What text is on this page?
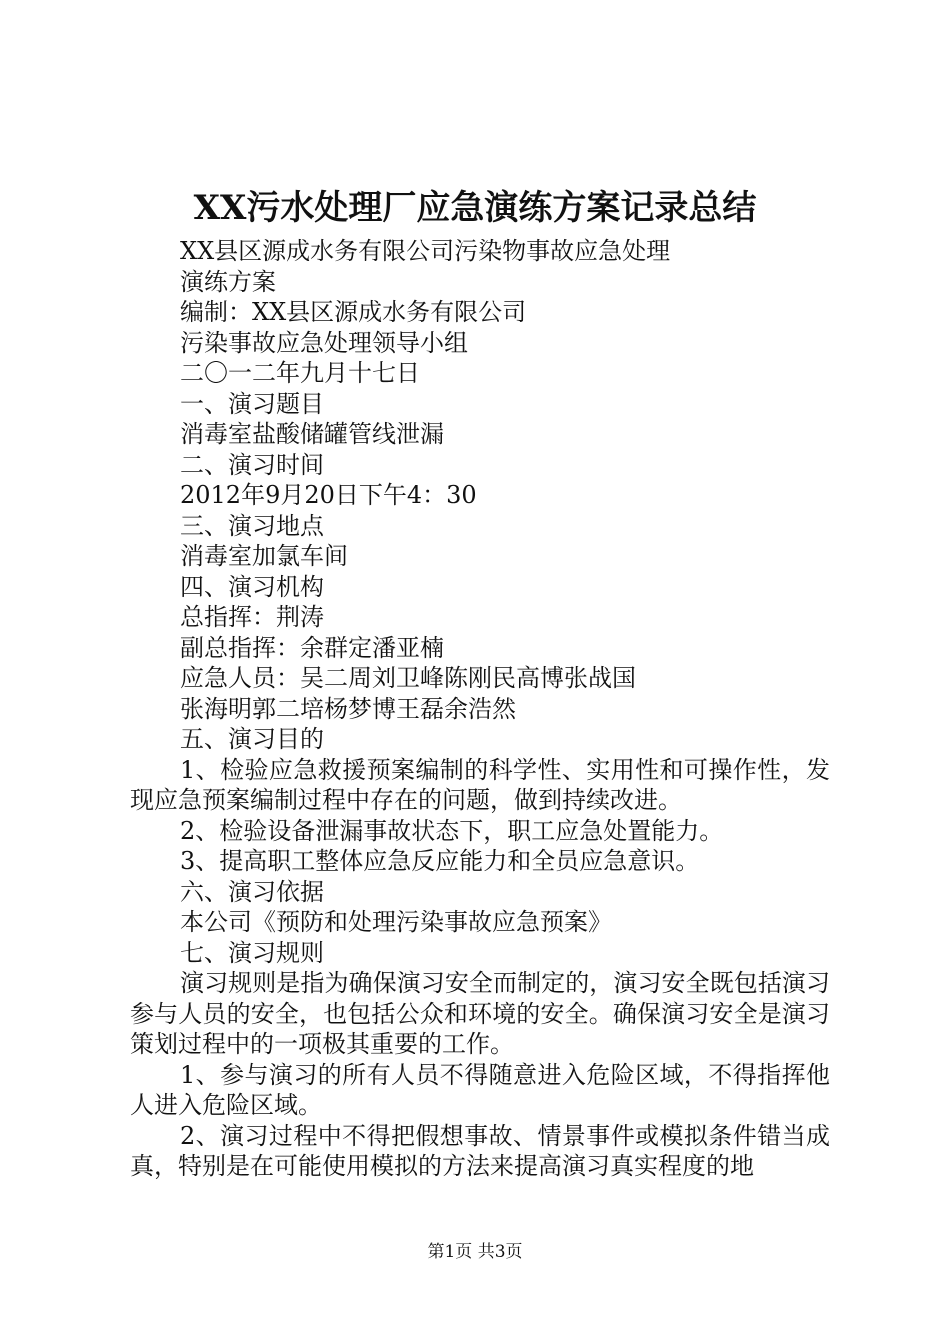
XX污水处理厂应急演练方案记录总结
XX县区源成水务有限公司污染物事故应急处理
演练方案
编制：XX县区源成水务有限公司
污染事故应急处理领导小组
二〇一二年九月十七日
一、演习题目
消毒室盐酸储罐管线泄漏
二、演习时间
2012年9月20日下午4：30
三、演习地点
消毒室加氯车间
四、演习机构
总指挥：荆涛
副总指挥：余群定潘亚楠
应急人员：吴二周刘卫峰陈刚民高博张战国
张海明郭二培杨梦博王磊余浩然
五、演习目的

1、检验应急救援预案编制的科学性、实用性和可操作性，发现应急预案编制过程中存在的问题，做到持续改进。

2、检验设备泄漏事故状态下，职工应急处置能力。

3、提高职工整体应急反应能力和全员应急意识。

六、演习依据
本公司《预防和处理污染事故应急预案》
七、演习规则

演习规则是指为确保演习安全而制定的，演习安全既包括演习参与人员的安全，也包括公众和环境的安全。确保演习安全是演习策划过程中的一项极其重要的工作。

1、参与演习的所有人员不得随意进入危险区域，不得指挥他人进入危险区域。

2、演习过程中不得把假想事故、情景事件或模拟条件错当成真，特别是在可能使用模拟的方法来提高演习真实程度的地

第1页 共3页
